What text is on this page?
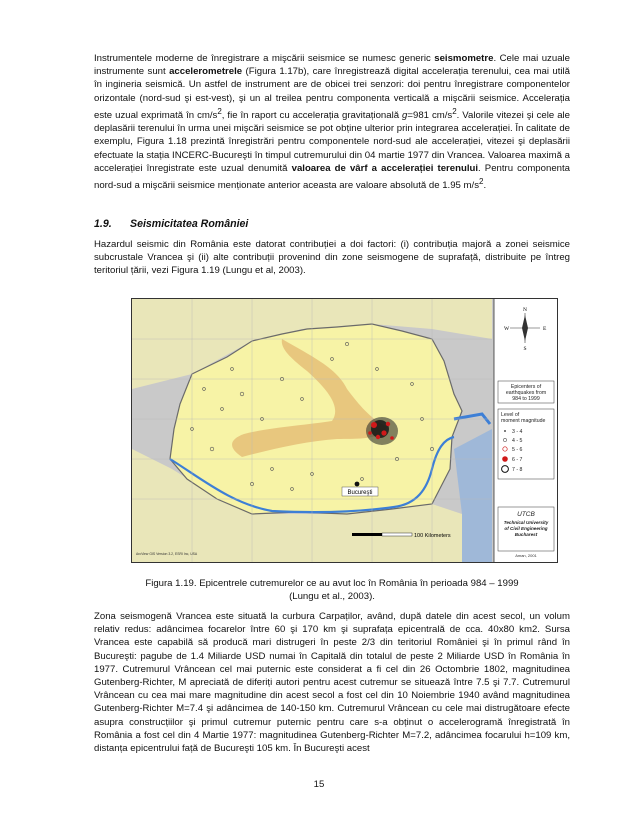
Instrumentele moderne de înregistrare a mişcării seismice se numesc generic seismometre. Cele mai uzuale instrumente sunt accelerometrele (Figura 1.17b), care înregistrează digital accelerația terenului, cea mai utilă în ingineria seismică. Un astfel de instrument are de obicei trei senzori: doi pentru înregistrare componentelor orizontale (nord-sud şi est-vest), şi un al treilea pentru componenta verticală a mişcării seismice. Accelerația este uzual exprimată în $cm/s^2$, fie în raport cu accelerația gravitațională g=981 $cm/s^2$. Valorile vitezei şi cele ale deplasării terenului în urma unei mişcări seismice se pot obține ulterior prin integrarea accelerației. În calitate de exemplu, Figura 1.18 prezintă înregistrări pentru componentele nord-sud ale accelerației, vitezei şi deplasării efectuate la stația INCERC-Bucureşti în timpul cutremurului din 04 martie 1977 din Vrancea. Valoarea maximă a accelerației înregistrate este uzual denumită valoarea de vârf a accelerației terenului. Pentru componenta nord-sud a mişcării seismice menționate anterior aceasta are valoare absolută de 1.95 $m/s^2$.

1.9. Seismicitatea României

Hazardul seismic din România este datorat contribuției a doi factori: (i) contribuția majoră a zonei seismice subcrustale Vrancea şi (ii) alte contribuții provenind din zone seismogene de suprafață, distribuite pe întreg teritoriul țării, vezi Figura 1.19 (Lungu et al, 2003).

Bucureşti
100 Kilometers
ArcView GIS Version 3.2, ESRI Inc, USA
N
S
E
W
Epicenters of
earthquakes from
984 to 1999
Level of
moment magnitude
3 - 4
4 - 5
5 - 6
6 - 7
7 - 8
UTCB
Technical University
of Civil Engineering
Bucharest
Aman, 2001

Figura 1.19. Epicentrele cutremurelor ce au avut loc în România în perioada 984 – 1999
(Lungu et al., 2003).

Zona seismogenă Vrancea este situată la curbura Carpaților, având, după datele din acest secol, un volum relativ redus: adâncimea focarelor între 60 şi 170 km şi suprafața epicentrală de cca. 40x80 km2. Sursa Vrancea este capabilă să producă mari distrugeri în peste 2/3 din teritoriul României şi în primul rând în Bucureşti: pagube de 1.4 Miliarde USD numai în Capitală din totalul de peste 2 Miliarde USD în România în 1977. Cutremurul Vrâncean cel mai puternic este considerat a fi cel din 26 Octombrie 1802, magnitudinea Gutenberg-Richter, M apreciată de diferiți autori pentru acest cutremur se situează între 7.5 şi 7.7. Cutremurul Vrâncean cu cea mai mare magnitudine din acest secol a fost cel din 10 Noiembrie 1940 având magnitudinea Gutenberg-Richter M=7.4 şi adâncimea de 140-150 km. Cutremurul Vrâncean cu cele mai distrugătoare efecte asupra construcțiilor şi primul cutremur puternic pentru care s-a obținut o accelerogramă înregistrată în România a fost cel din 4 Martie 1977: magnitudinea Gutenberg-Richter M=7.2, adâncimea focarului h=109 km, distanța epicentrului față de Bucureşti 105 km. În Bucureşti acest

15
